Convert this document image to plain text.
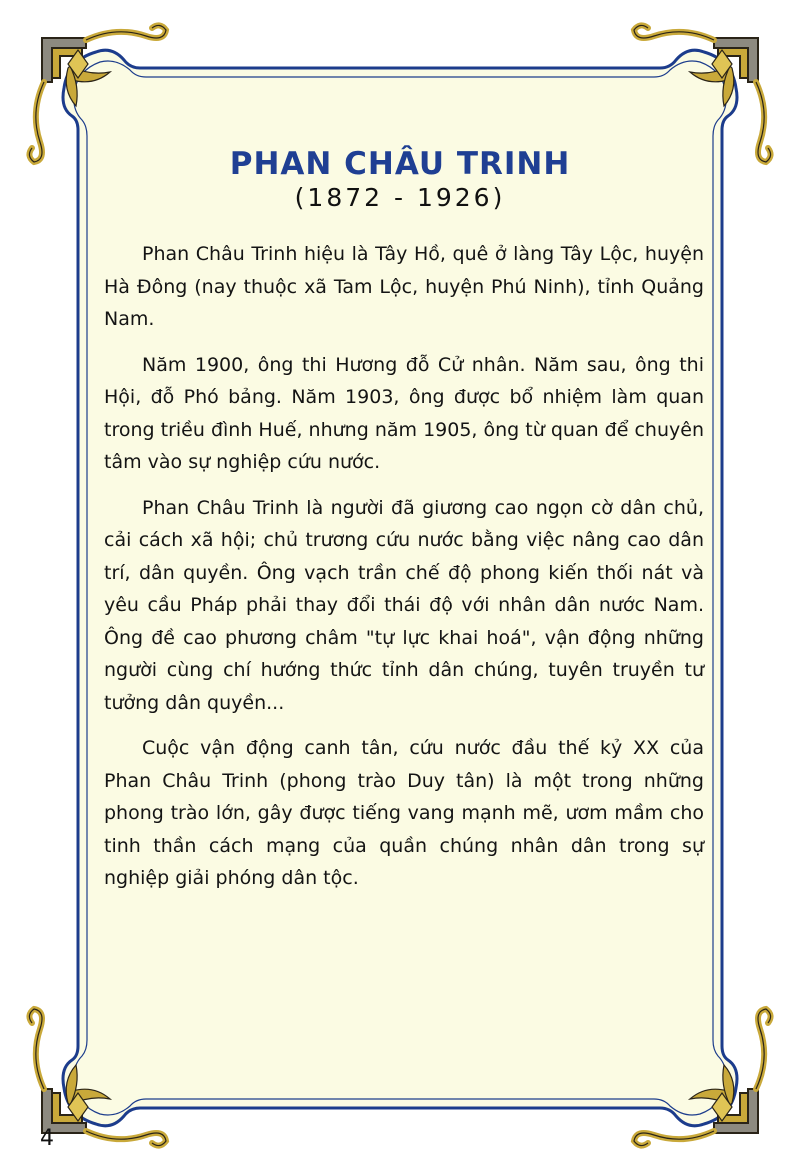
PHAN CHÂU TRINH
(1872 - 1926)

Phan Châu Trinh hiệu là Tây Hồ, quê ở làng Tây Lộc, huyện Hà Đông (nay thuộc xã Tam Lộc, huyện Phú Ninh), tỉnh Quảng Nam.

Năm 1900, ông thi Hương đỗ Cử nhân. Năm sau, ông thi Hội, đỗ Phó bảng. Năm 1903, ông được bổ nhiệm làm quan trong triều đình Huế, nhưng năm 1905, ông từ quan để chuyên tâm vào sự nghiệp cứu nước.

Phan Châu Trinh là người đã giương cao ngọn cờ dân chủ, cải cách xã hội; chủ trương cứu nước bằng việc nâng cao dân trí, dân quyền. Ông vạch trần chế độ phong kiến thối nát và yêu cầu Pháp phải thay đổi thái độ với nhân dân nước Nam. Ông đề cao phương châm "tự lực khai hoá", vận động những người cùng chí hướng thức tỉnh dân chúng, tuyên truyền tư tưởng dân quyền...

Cuộc vận động canh tân, cứu nước đầu thế kỷ XX của Phan Châu Trinh (phong trào Duy tân) là một trong những phong trào lớn, gây được tiếng vang mạnh mẽ, ươm mầm cho tinh thần cách mạng của quần chúng nhân dân trong sự nghiệp giải phóng dân tộc.

4
